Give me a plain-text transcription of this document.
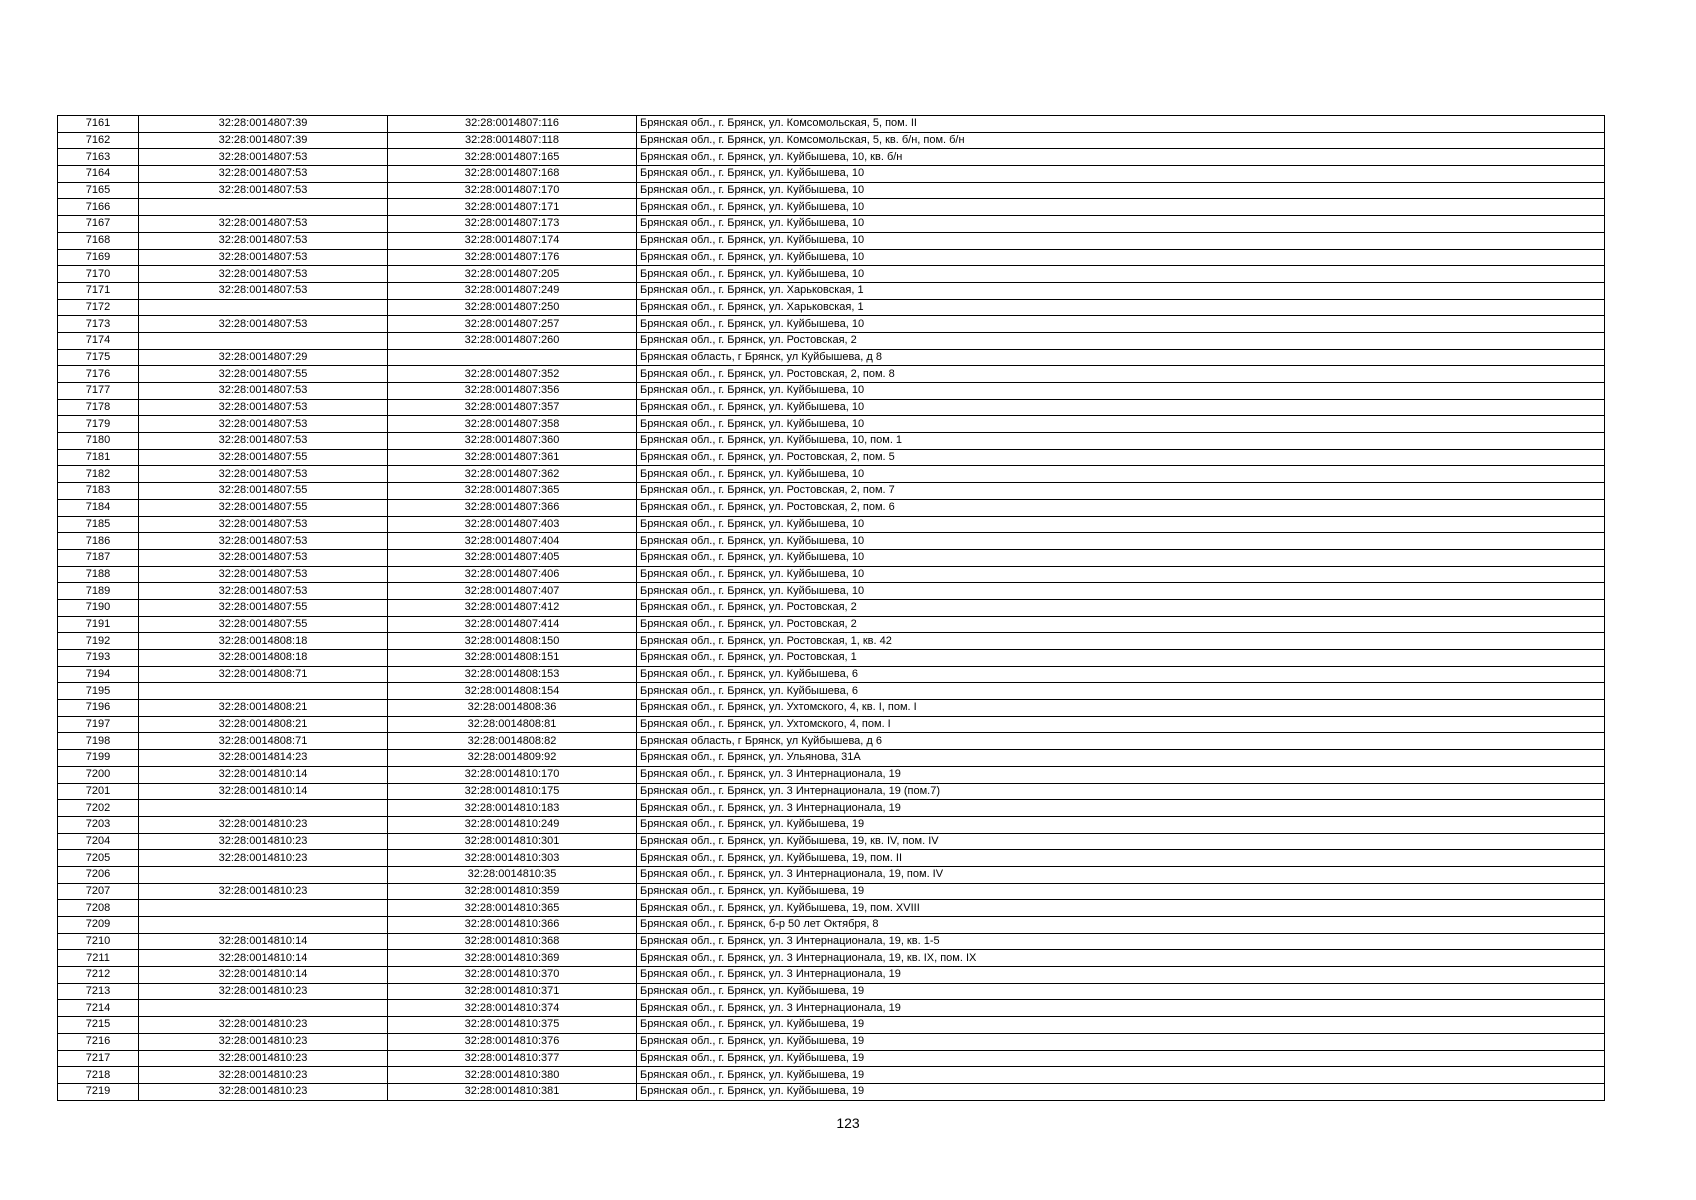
7161	32:28:0014807:39	32:28:0014807:116	Брянская обл., г. Брянск, ул. Комсомольская, 5, пом. II
7162	32:28:0014807:39	32:28:0014807:118	Брянская обл., г. Брянск, ул. Комсомольская, 5, кв. б/н, пом. б/н
7163	32:28:0014807:53	32:28:0014807:165	Брянская обл., г. Брянск, ул. Куйбышева, 10, кв. б/н
7164	32:28:0014807:53	32:28:0014807:168	Брянская обл., г. Брянск, ул. Куйбышева, 10
7165	32:28:0014807:53	32:28:0014807:170	Брянская обл., г. Брянск, ул. Куйбышева, 10
7166		32:28:0014807:171	Брянская обл., г. Брянск, ул. Куйбышева, 10
7167	32:28:0014807:53	32:28:0014807:173	Брянская обл., г. Брянск, ул. Куйбышева, 10
7168	32:28:0014807:53	32:28:0014807:174	Брянская обл., г. Брянск, ул. Куйбышева, 10
7169	32:28:0014807:53	32:28:0014807:176	Брянская обл., г. Брянск, ул. Куйбышева, 10
7170	32:28:0014807:53	32:28:0014807:205	Брянская обл., г. Брянск, ул. Куйбышева, 10
7171	32:28:0014807:53	32:28:0014807:249	Брянская обл., г. Брянск, ул. Харьковская, 1
7172		32:28:0014807:250	Брянская обл., г. Брянск, ул. Харьковская, 1
7173	32:28:0014807:53	32:28:0014807:257	Брянская обл., г. Брянск, ул. Куйбышева, 10
7174		32:28:0014807:260	Брянская обл., г. Брянск, ул. Ростовская, 2
7175	32:28:0014807:29		Брянская область, г Брянск, ул Куйбышева, д 8
7176	32:28:0014807:55	32:28:0014807:352	Брянская обл., г. Брянск, ул. Ростовская, 2, пом. 8
7177	32:28:0014807:53	32:28:0014807:356	Брянская обл., г. Брянск, ул. Куйбышева, 10
7178	32:28:0014807:53	32:28:0014807:357	Брянская обл., г. Брянск, ул. Куйбышева, 10
7179	32:28:0014807:53	32:28:0014807:358	Брянская обл., г. Брянск, ул. Куйбышева, 10
7180	32:28:0014807:53	32:28:0014807:360	Брянская обл., г. Брянск, ул. Куйбышева, 10, пом. 1
7181	32:28:0014807:55	32:28:0014807:361	Брянская обл., г. Брянск, ул. Ростовская, 2, пом. 5
7182	32:28:0014807:53	32:28:0014807:362	Брянская обл., г. Брянск, ул. Куйбышева, 10
7183	32:28:0014807:55	32:28:0014807:365	Брянская обл., г. Брянск, ул. Ростовская, 2, пом. 7
7184	32:28:0014807:55	32:28:0014807:366	Брянская обл., г. Брянск, ул. Ростовская, 2, пом. 6
7185	32:28:0014807:53	32:28:0014807:403	Брянская обл., г. Брянск, ул. Куйбышева, 10
7186	32:28:0014807:53	32:28:0014807:404	Брянская обл., г. Брянск, ул. Куйбышева, 10
7187	32:28:0014807:53	32:28:0014807:405	Брянская обл., г. Брянск, ул. Куйбышева, 10
7188	32:28:0014807:53	32:28:0014807:406	Брянская обл., г. Брянск, ул. Куйбышева, 10
7189	32:28:0014807:53	32:28:0014807:407	Брянская обл., г. Брянск, ул. Куйбышева, 10
7190	32:28:0014807:55	32:28:0014807:412	Брянская обл., г. Брянск, ул. Ростовская, 2
7191	32:28:0014807:55	32:28:0014807:414	Брянская обл., г. Брянск, ул. Ростовская, 2
7192	32:28:0014808:18	32:28:0014808:150	Брянская обл., г. Брянск, ул. Ростовская, 1, кв. 42
7193	32:28:0014808:18	32:28:0014808:151	Брянская обл., г. Брянск, ул. Ростовская, 1
7194	32:28:0014808:71	32:28:0014808:153	Брянская обл., г. Брянск, ул. Куйбышева, 6
7195		32:28:0014808:154	Брянская обл., г. Брянск, ул. Куйбышева, 6
7196	32:28:0014808:21	32:28:0014808:36	Брянская обл., г. Брянск, ул. Ухтомского, 4, кв. I, пом. I
7197	32:28:0014808:21	32:28:0014808:81	Брянская обл., г. Брянск, ул. Ухтомского, 4, пом. I
7198	32:28:0014808:71	32:28:0014808:82	Брянская область, г Брянск, ул Куйбышева, д 6
7199	32:28:0014814:23	32:28:0014809:92	Брянская обл., г. Брянск, ул. Ульянова, 31А
7200	32:28:0014810:14	32:28:0014810:170	Брянская обл., г. Брянск, ул. 3 Интернационала, 19
7201	32:28:0014810:14	32:28:0014810:175	Брянская обл., г. Брянск, ул. 3 Интернационала, 19 (пом.7)
7202		32:28:0014810:183	Брянская обл., г. Брянск, ул. 3 Интернационала, 19
7203	32:28:0014810:23	32:28:0014810:249	Брянская обл., г. Брянск, ул. Куйбышева, 19
7204	32:28:0014810:23	32:28:0014810:301	Брянская обл., г. Брянск, ул. Куйбышева, 19, кв. IV, пом. IV
7205	32:28:0014810:23	32:28:0014810:303	Брянская обл., г. Брянск, ул. Куйбышева, 19, пом. II
7206		32:28:0014810:35	Брянская обл., г. Брянск, ул. 3 Интернационала, 19, пом. IV
7207	32:28:0014810:23	32:28:0014810:359	Брянская обл., г. Брянск, ул. Куйбышева, 19
7208		32:28:0014810:365	Брянская обл., г. Брянск, ул. Куйбышева, 19, пом. XVIII
7209		32:28:0014810:366	Брянская обл., г. Брянск, б-р 50 лет Октября, 8
7210	32:28:0014810:14	32:28:0014810:368	Брянская обл., г. Брянск, ул. 3 Интернационала, 19, кв. 1-5
7211	32:28:0014810:14	32:28:0014810:369	Брянская обл., г. Брянск, ул. 3 Интернационала, 19, кв. IX, пом. IX
7212	32:28:0014810:14	32:28:0014810:370	Брянская обл., г. Брянск, ул. 3 Интернационала, 19
7213	32:28:0014810:23	32:28:0014810:371	Брянская обл., г. Брянск, ул. Куйбышева, 19
7214		32:28:0014810:374	Брянская обл., г. Брянск, ул. 3 Интернационала, 19
7215	32:28:0014810:23	32:28:0014810:375	Брянская обл., г. Брянск, ул. Куйбышева, 19
7216	32:28:0014810:23	32:28:0014810:376	Брянская обл., г. Брянск, ул. Куйбышева, 19
7217	32:28:0014810:23	32:28:0014810:377	Брянская обл., г. Брянск, ул. Куйбышева, 19
7218	32:28:0014810:23	32:28:0014810:380	Брянская обл., г. Брянск, ул. Куйбышева, 19
7219	32:28:0014810:23	32:28:0014810:381	Брянская обл., г. Брянск, ул. Куйбышева, 19
123
